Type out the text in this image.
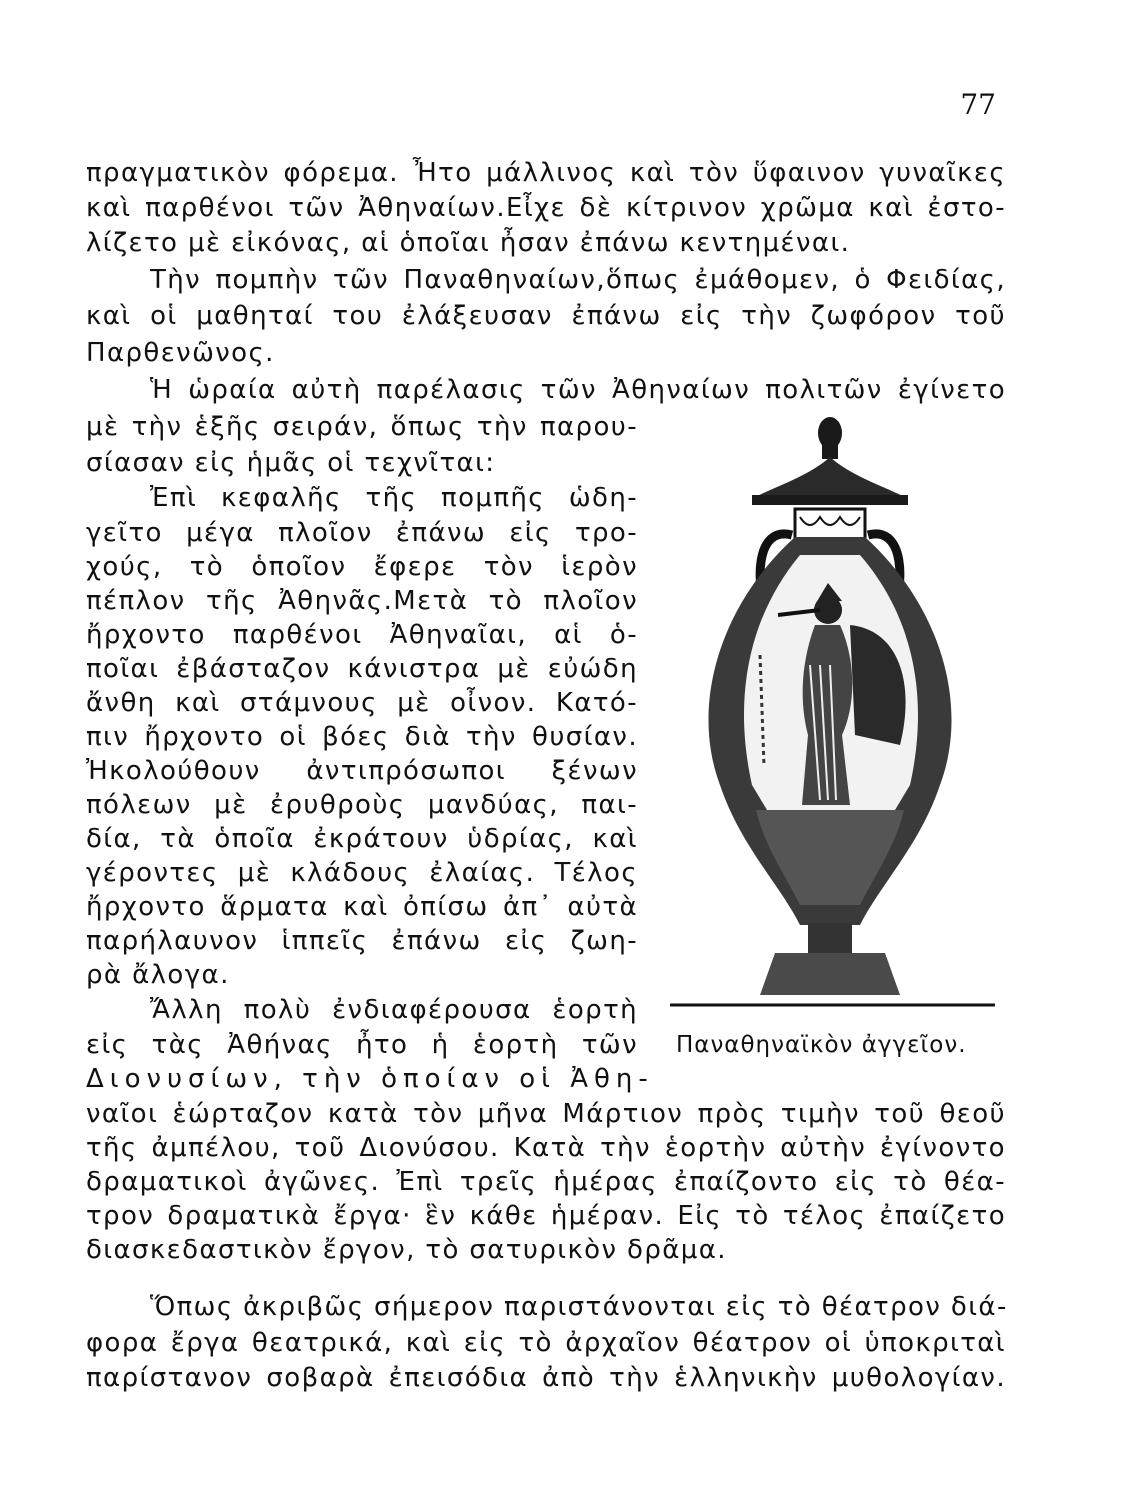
77

πραγματικὸν φόρεμα. Ἦτο μάλλινος καὶ τὸν ὕφαινον γυναῖκες

καὶ παρθένοι τῶν Ἀθηναίων.Εἶχε δὲ κίτρινον χρῶμα καὶ ἐστο-

λίζετο μὲ εἰκόνας, αἱ ὁποῖαι ἦσαν ἐπάνω κεντημέναι.

Τὴν πομπὴν τῶν Παναθηναίων,ὅπως ἐμάθομεν, ὁ Φειδίας,

καὶ οἱ μαθηταί του ἐλάξευσαν ἐπάνω εἰς τὴν ζωφόρον τοῦ

Παρθενῶνος.

Ἡ ὡραία αὐτὴ παρέλασις τῶν Ἀθηναίων πολιτῶν ἐγίνετο

μὲ τὴν ἑξῆς σειράν, ὅπως τὴν παρου-

σίασαν εἰς ἡμᾶς οἱ τεχνῖται:

Ἐπὶ κεφαλῆς τῆς πομπῆς ὡδη-

γεῖτο μέγα πλοῖον ἐπάνω εἰς τρο-

χούς, τὸ ὁποῖον ἔφερε τὸν ἱερὸν

πέπλον τῆς Ἀθηνᾶς.Μετὰ τὸ πλοῖον

ἤρχοντο παρθένοι Ἀθηναῖαι, αἱ ὁ-

ποῖαι ἐβάσταζον κάνιστρα μὲ εὐώδη

ἄνθη καὶ στάμνους μὲ οἶνον. Κατό-

πιν ἤρχοντο οἱ βόες διὰ τὴν θυσίαν.

Ἠκολούθουν ἀντιπρόσωποι ξένων

πόλεων μὲ ἐρυθροὺς μανδύας, παι-

δία, τὰ ὁποῖα ἐκράτουν ὑδρίας, καὶ

γέροντες μὲ κλάδους ἐλαίας. Τέλος

ἤρχοντο ἅρματα καὶ ὀπίσω ἀπ᾽ αὐτὰ

παρήλαυνον ἱππεῖς ἐπάνω εἰς ζωη-

ρὰ ἄλογα.

Ἄλλη πολὺ ἐνδιαφέρουσα ἑορτὴ

εἰς τὰς Ἀθήνας ἦτο ἡ ἑορτὴ τῶν

Διονυσίων, τὴν ὁποίαν οἱ Ἀθη-

ναῖοι ἑώρταζον κατὰ τὸν μῆνα Μάρτιον πρὸς τιμὴν τοῦ θεοῦ

τῆς ἀμπέλου, τοῦ Διονύσου. Κατὰ τὴν ἑορτὴν αὐτὴν ἐγίνοντο

δραματικοὶ ἀγῶνες. Ἐπὶ τρεῖς ἡμέρας ἐπαίζοντο εἰς τὸ θέα-

τρον δραματικὰ ἔργα· ἓν κάθε ἡμέραν. Εἰς τὸ τέλος ἐπαίζετο

διασκεδαστικὸν ἔργον, τὸ σατυρικὸν δρᾶμα.

Ὅπως ἀκριβῶς σήμερον παριστάνονται εἰς τὸ θέατρον διά-

φορα ἔργα θεατρικά, καὶ εἰς τὸ ἀρχαῖον θέατρον οἱ ὑποκριταὶ

παρίστανον σοβαρὰ ἐπεισόδια ἀπὸ τὴν ἑλληνικὴν μυθολογίαν.

Παναθηναϊκὸν ἀγγεῖον.
